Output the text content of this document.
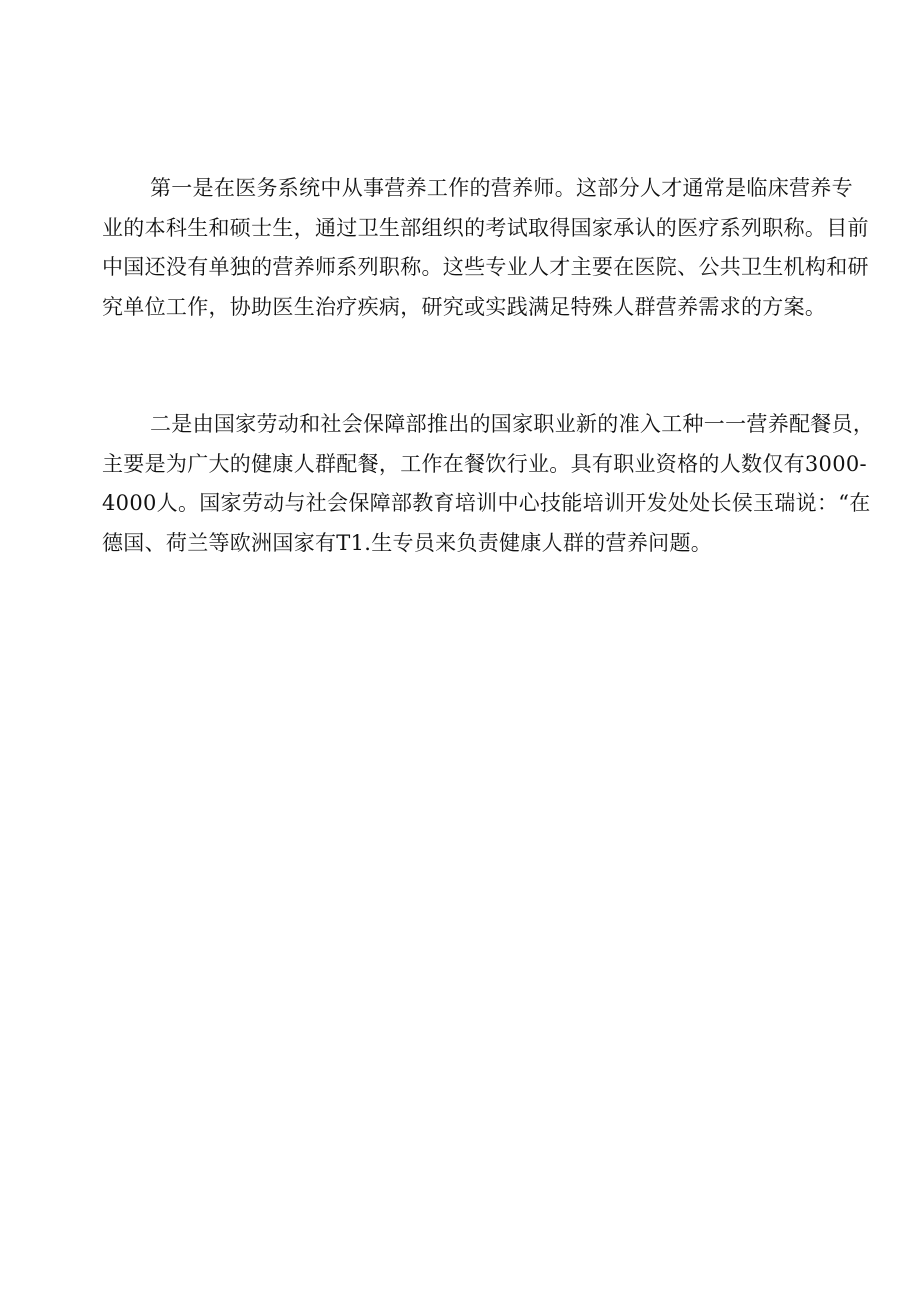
第一是在医务系统中从事营养工作的营养师。这部分人才通常是临床营养专
业的本科生和硕士生，通过卫生部组织的考试取得国家承认的医疗系列职称。目前
中国还没有单独的营养师系列职称。这些专业人才主要在医院、公共卫生机构和研
究单位工作，协助医生治疗疾病，研究或实践满足特殊人群营养需求的方案。

二是由国家劳动和社会保障部推出的国家职业新的准入工种一一营养配餐员，
主要是为广大的健康人群配餐，工作在餐饮行业。具有职业资格的人数仅有3000-
4000人。国家劳动与社会保障部教育培训中心技能培训开发处处长侯玉瑞说：“在
德国、荷兰等欧洲国家有T1.生专员来负责健康人群的营养问题。
